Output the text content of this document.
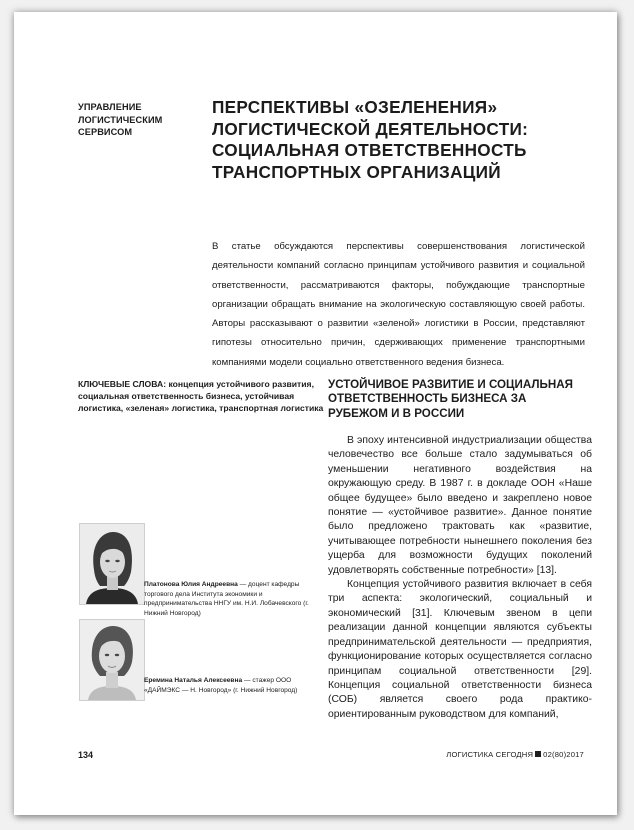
УПРАВЛЕНИЕ
ЛОГИСТИЧЕСКИМ
СЕРВИСОМ
ПЕРСПЕКТИВЫ «ОЗЕЛЕНЕНИЯ»
ЛОГИСТИЧЕСКОЙ ДЕЯТЕЛЬНОСТИ:
СОЦИАЛЬНАЯ ОТВЕТСТВЕННОСТЬ
ТРАНСПОРТНЫХ ОРГАНИЗАЦИЙ
В статье обсуждаются перспективы совершенствования логистической деятельности компаний согласно принципам устойчивого развития и социальной ответственности, рассматриваются факторы, побуждающие транспортные организации обращать внимание на экологическую составляющую своей работы. Авторы рассказывают о развитии «зеленой» логистики в России, представляют гипотезы относительно причин, сдерживающих применение транспортными компаниями модели социально ответственного ведения бизнеса.
КЛЮЧЕВЫЕ СЛОВА: концепция устойчивого развития, социальная ответственность бизнеса, устойчивая логистика, «зеленая» логистика, транспортная логистика
УСТОЙЧИВОЕ РАЗВИТИЕ И СОЦИАЛЬНАЯ ОТВЕТСТВЕННОСТЬ БИЗНЕСА ЗА РУБЕЖОМ И В РОССИИ

В эпоху интенсивной индустриализации общества человечество все больше стало задумываться об уменьшении негативного воздействия на окружающую среду. В 1987 г. в докладе ООН «Наше общее будущее» было введено и закреплено новое понятие — «устойчивое развитие». Данное понятие было предложено трактовать как «развитие, учитывающее потребности нынешнего поколения без ущерба для возможности будущих поколений удовлетворять собственные потребности» [13].

Концепция устойчивого развития включает в себя три аспекта: экологический, социальный и экономический [31]. Ключевым звеном в цепи реализации данной концепции являются субъекты предпринимательской деятельности — предприятия, функционирование которых осуществляется согласно принципам социальной ответственности [29]. Концепция социальной ответственности бизнеса (СОБ) является своего рода практико-ориентированным руководством для компаний,

Платонова Юлия Андреевна — доцент кафедры торгового дела Института экономики и предпринимательства ННГУ им. Н.И. Лобачевского (г. Нижний Новгород)
Еремина Наталья Алексеевна — стажер ООО «ДАЙМЭКС — Н. Новгород» (г. Нижний Новгород)
134	ЛОГИСТИКА СЕГОДНЯ 02(80)2017
